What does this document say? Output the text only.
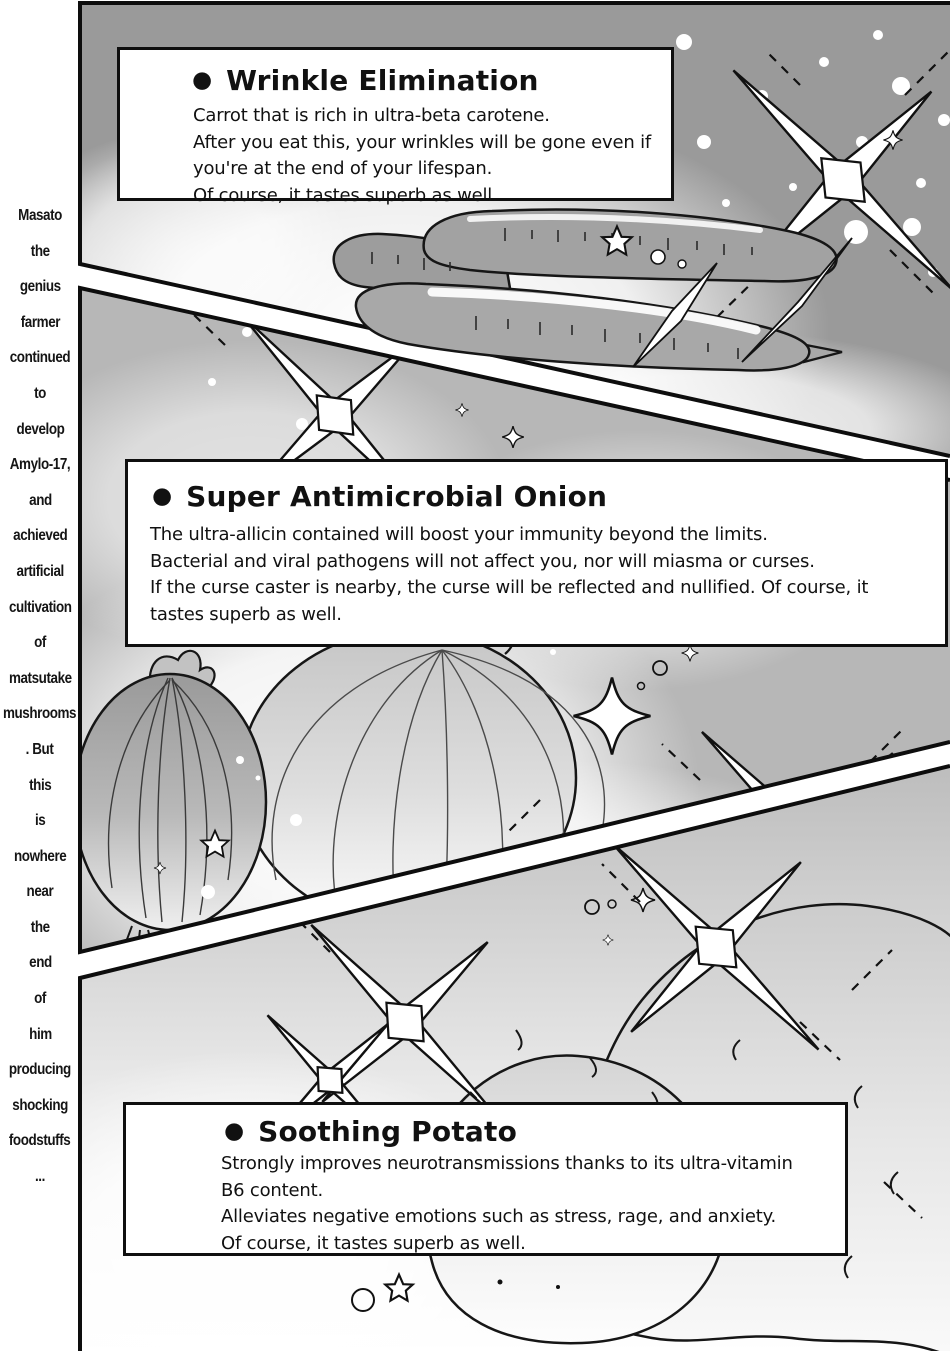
Masato
the
genius
farmer
continued
to
develop
Amylo-17,
and
achieved
artificial
cultivation
of
matsutake
mushrooms
. But
this
is
nowhere
near
the
end
of
him
producing
shocking
foodstuffs
...
● Wrinkle Elimination
Carrot that is rich in ultra-beta carotene.
After you eat this, your wrinkles will be gone even if
you're at the end of your lifespan.
Of course, it tastes superb as well.
● Super Antimicrobial Onion
The ultra-allicin contained will boost your immunity beyond the limits.
Bacterial and viral pathogens will not affect you, nor will miasma or curses.
If the curse caster is nearby, the curse will be reflected and nullified. Of course, it
tastes superb as well.
● Soothing Potato
Strongly improves neurotransmissions thanks to its ultra-vitamin
B6 content.
Alleviates negative emotions such as stress, rage, and anxiety.
Of course, it tastes superb as well.
